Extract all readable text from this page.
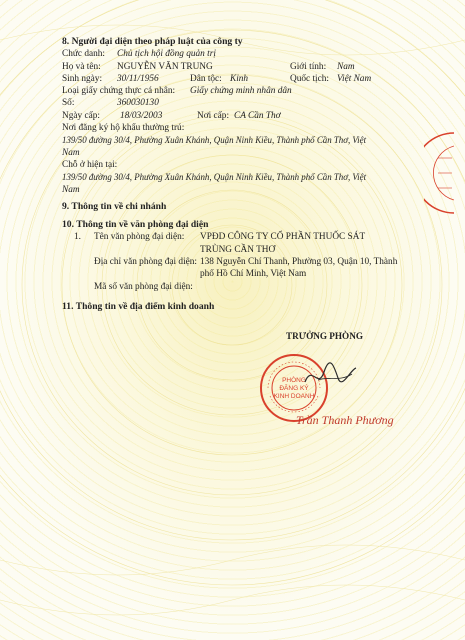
8. Người đại diện theo pháp luật của công ty
Chức danh: Chủ tịch hội đồng quản trị
Họ và tên: NGUYỄN VĂN TRUNG	Giới tính: Nam
Sinh ngày: 30/11/1956	Dân tộc: Kinh	Quốc tịch: Việt Nam
Loại giấy chứng thực cá nhân: Giấy chứng minh nhân dân
Số:	360030130
Ngày cấp: 18/03/2003	Nơi cấp: CA Cần Thơ
Nơi đăng ký hộ khẩu thường trú:
139/50 đường 30/4, Phường Xuân Khánh, Quận Ninh Kiều, Thành phố Cần Thơ, Việt
Nam
Chỗ ở hiện tại:
139/50 đường 30/4, Phường Xuân Khánh, Quận Ninh Kiều, Thành phố Cần Thơ, Việt
Nam
9. Thông tin về chi nhánh
10. Thông tin về văn phòng đại diện
1. Tên văn phòng đại diện: VPĐD CÔNG TY CỔ PHẦN THUỐC SÁT
TRÙNG CẦN THƠ
Địa chỉ văn phòng đại diện: 138 Nguyễn Chí Thanh, Phường 03, Quận 10, Thành
phố Hồ Chí Minh, Việt Nam
Mã số văn phòng đại diện:
11. Thông tin về địa điểm kinh doanh
TRƯỞNG PHÒNG
PHÒNG
ĐĂNG KÝ
KINH DOANH
Trần Thanh Phương
